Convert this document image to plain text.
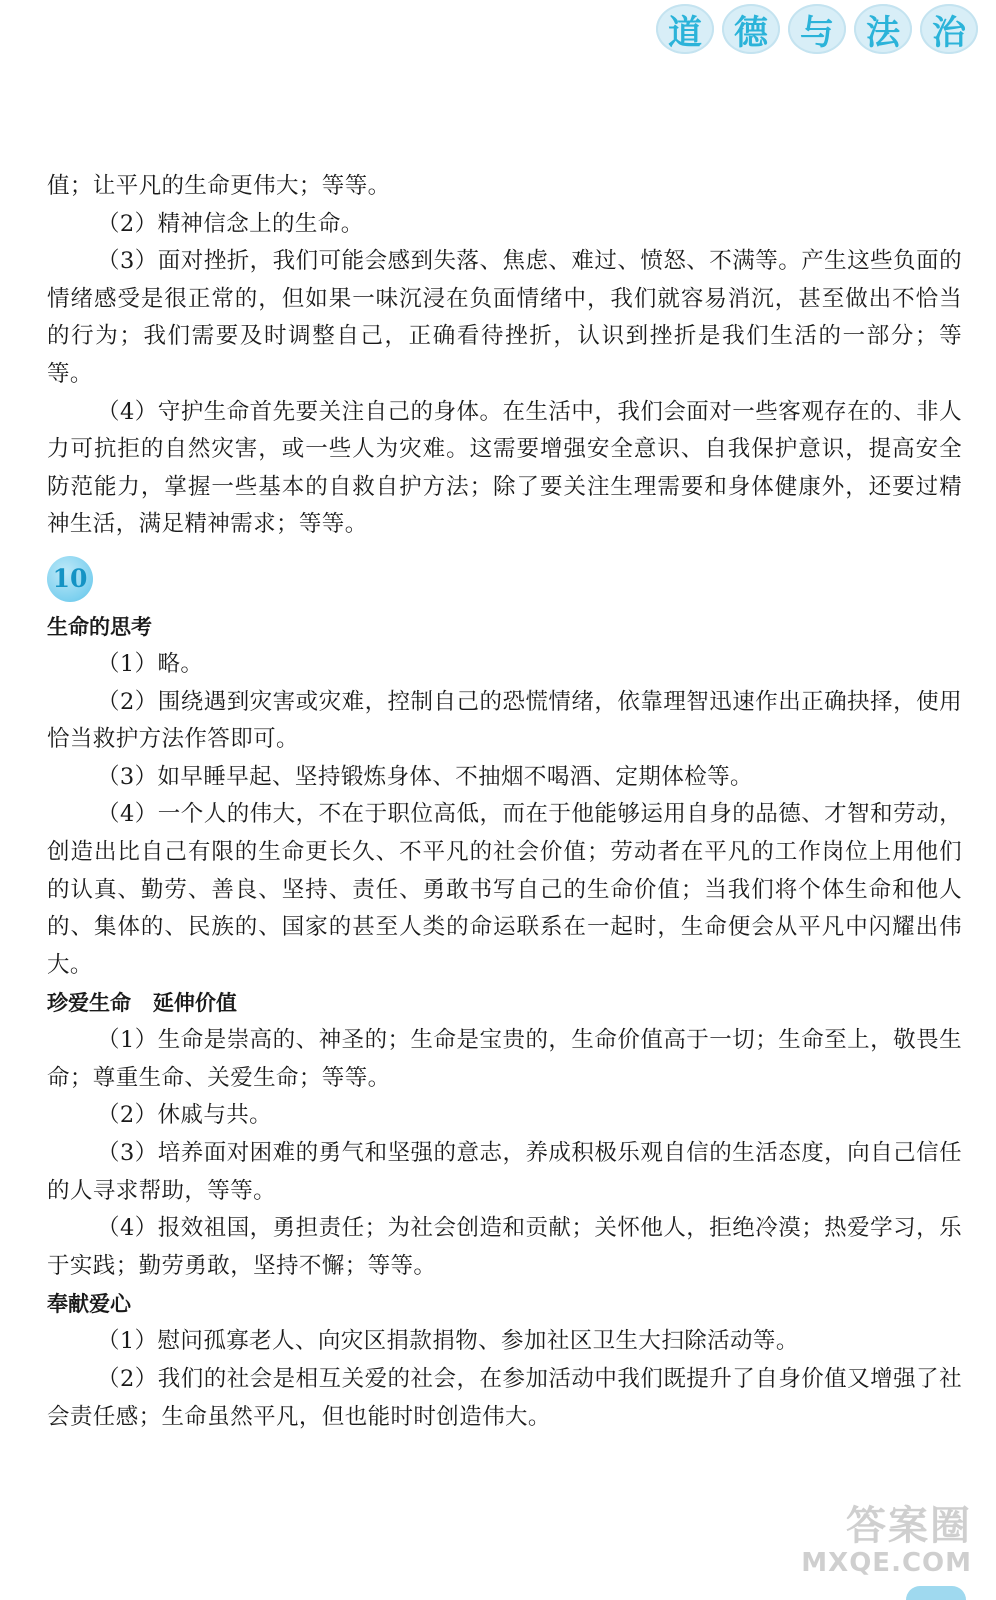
道 德 与 法 治

值；让平凡的生命更伟大；等等。

（2）精神信念上的生命。

（3）面对挫折，我们可能会感到失落、焦虑、难过、愤怒、不满等。产生这些负面的情绪感受是很正常的，但如果一味沉浸在负面情绪中，我们就容易消沉，甚至做出不恰当的行为；我们需要及时调整自己，正确看待挫折，认识到挫折是我们生活的一部分；等等。

（4）守护生命首先要关注自己的身体。在生活中，我们会面对一些客观存在的、非人力可抗拒的自然灾害，或一些人为灾难。这需要增强安全意识、自我保护意识，提高安全防范能力，掌握一些基本的自救自护方法；除了要关注生理需要和身体健康外，还要过精神生活，满足精神需求；等等。

10

生命的思考

（1）略。

（2）围绕遇到灾害或灾难，控制自己的恐慌情绪，依靠理智迅速作出正确抉择，使用恰当救护方法作答即可。

（3）如早睡早起、坚持锻炼身体、不抽烟不喝酒、定期体检等。

（4）一个人的伟大，不在于职位高低，而在于他能够运用自身的品德、才智和劳动，创造出比自己有限的生命更长久、不平凡的社会价值；劳动者在平凡的工作岗位上用他们的认真、勤劳、善良、坚持、责任、勇敢书写自己的生命价值；当我们将个体生命和他人的、集体的、民族的、国家的甚至人类的命运联系在一起时，生命便会从平凡中闪耀出伟大。

珍爱生命   延伸价值

（1）生命是崇高的、神圣的；生命是宝贵的，生命价值高于一切；生命至上，敬畏生命；尊重生命、关爱生命；等等。

（2）休戚与共。

（3）培养面对困难的勇气和坚强的意志，养成积极乐观自信的生活态度，向自己信任的人寻求帮助，等等。

（4）报效祖国，勇担责任；为社会创造和贡献；关怀他人，拒绝冷漠；热爱学习，乐于实践；勤劳勇敢，坚持不懈；等等。

奉献爱心

（1）慰问孤寡老人、向灾区捐款捐物、参加社区卫生大扫除活动等。

（2）我们的社会是相互关爱的社会，在参加活动中我们既提升了自身价值又增强了社会责任感；生命虽然平凡，但也能时时创造伟大。

答案圈
MXQE.COM
